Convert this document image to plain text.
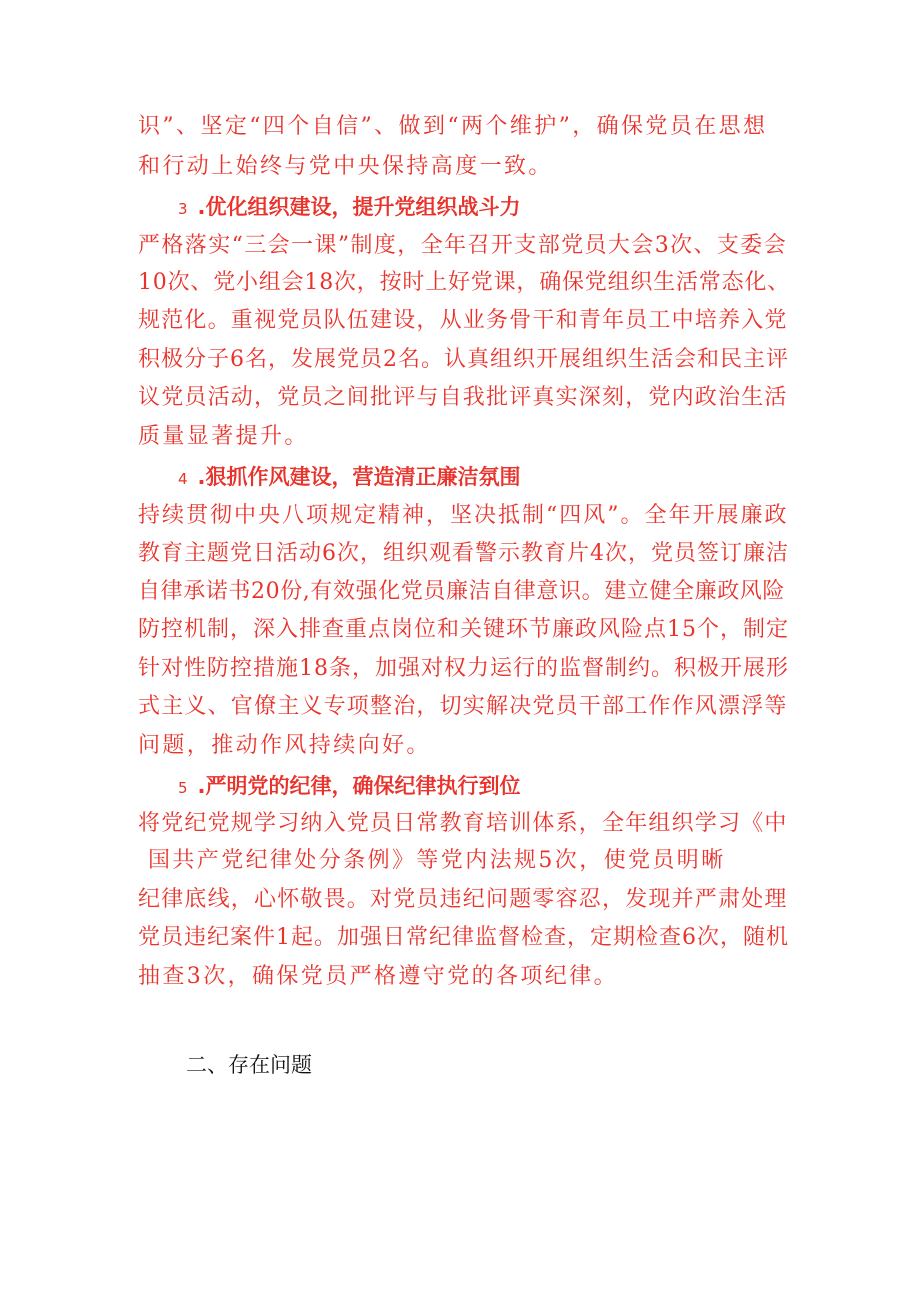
识”、坚定“四个自信”、做到“两个维护”，确保党员在思想
和行动上始终与党中央保持高度一致。
3 .优化组织建设，提升党组织战斗力
严格落实“三会一课”制度，全年召开支部党员大会3次、支委会
10次、党小组会18次，按时上好党课，确保党组织生活常态化、
规范化。重视党员队伍建设，从业务骨干和青年员工中培养入党
积极分子6名，发展党员2名。认真组织开展组织生活会和民主评
议党员活动，党员之间批评与自我批评真实深刻，党内政治生活
质量显著提升。
4 .狠抓作风建设，营造清正廉洁氛围
持续贯彻中央八项规定精神，坚决抵制“四风”。全年开展廉政
教育主题党日活动6次，组织观看警示教育片4次，党员签订廉洁
自律承诺书20份,有效强化党员廉洁自律意识。建立健全廉政风险
防控机制，深入排查重点岗位和关键环节廉政风险点15个，制定
针对性防控措施18条，加强对权力运行的监督制约。积极开展形
式主义、官僚主义专项整治，切实解决党员干部工作作风漂浮等
问题，推动作风持续向好。
5 .严明党的纪律，确保纪律执行到位
将党纪党规学习纳入党员日常教育培训体系，全年组织学习《中
国共产党纪律处分条例》等党内法规5次，使党员明晰
纪律底线，心怀敬畏。对党员违纪问题零容忍，发现并严肃处理
党员违纪案件1起。加强日常纪律监督检查，定期检查6次，随机
抽查3次，确保党员严格遵守党的各项纪律。
二、存在问题
